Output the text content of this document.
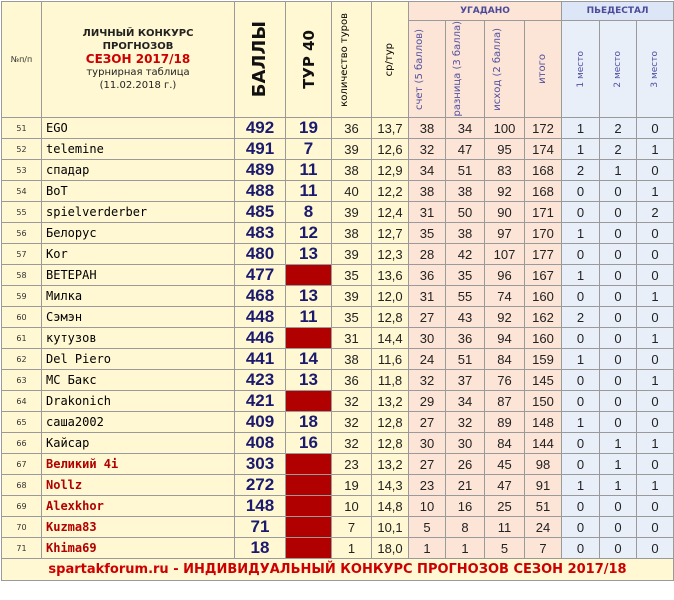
№п/п	ЛИЧНЫЙ КОНКУРС
ПРОГНОЗОВ
СЕЗОН 2017/18
турнирная таблица
(11.02.2018 г.)	БАЛЛЫ	ТУР 40	количество туров	ср/тур	УГАДАНО				ПЬЕДЕСТАЛ		

						счет (5 баллов)	разница (3 балла)	исход (2 балла)	итого	1 место	2 место	3 место

51	EGO	492	19	36	13,7	38	34	100	172	1	2	0
52	telemine	491	7	39	12,6	32	47	95	174	1	2	1
53	спадар	489	11	38	12,9	34	51	83	168	2	1	0
54	BoT	488	11	40	12,2	38	38	92	168	0	0	1
55	spielverderber	485	8	39	12,4	31	50	90	171	0	0	2
56	Белорус	483	12	38	12,7	35	38	97	170	1	0	0
57	Kor	480	13	39	12,3	28	42	107	177	0	0	0
58	ВЕТЕРАН	477		35	13,6	36	35	96	167	1	0	0
59	Милка	468	13	39	12,0	31	55	74	160	0	0	1
60	Сэмэн	448	11	35	12,8	27	43	92	162	2	0	0
61	кутузов	446		31	14,4	30	36	94	160	0	0	1
62	Del Piero	441	14	38	11,6	24	51	84	159	1	0	0
63	MC Бакс	423	13	36	11,8	32	37	76	145	0	0	1
64	Drakonich	421		32	13,2	29	34	87	150	0	0	0
65	саша2002	409	18	32	12,8	27	32	89	148	1	0	0
66	Кайсар	408	16	32	12,8	30	30	84	144	0	1	1
67	Великий 4i	303		23	13,2	27	26	45	98	0	1	0
68	Nollz	272		19	14,3	23	21	47	91	1	1	1
69	Alexkhor	148		10	14,8	10	16	25	51	0	0	0
70	Kuzma83	71		7	10,1	5	8	11	24	0	0	0
71	Khima69	18		1	18,0	1	1	5	7	0	0	0
spartakforum.ru - ИНДИВИДУАЛЬНЫЙ КОНКУРС ПРОГНОЗОВ СЕЗОН 2017/18												
